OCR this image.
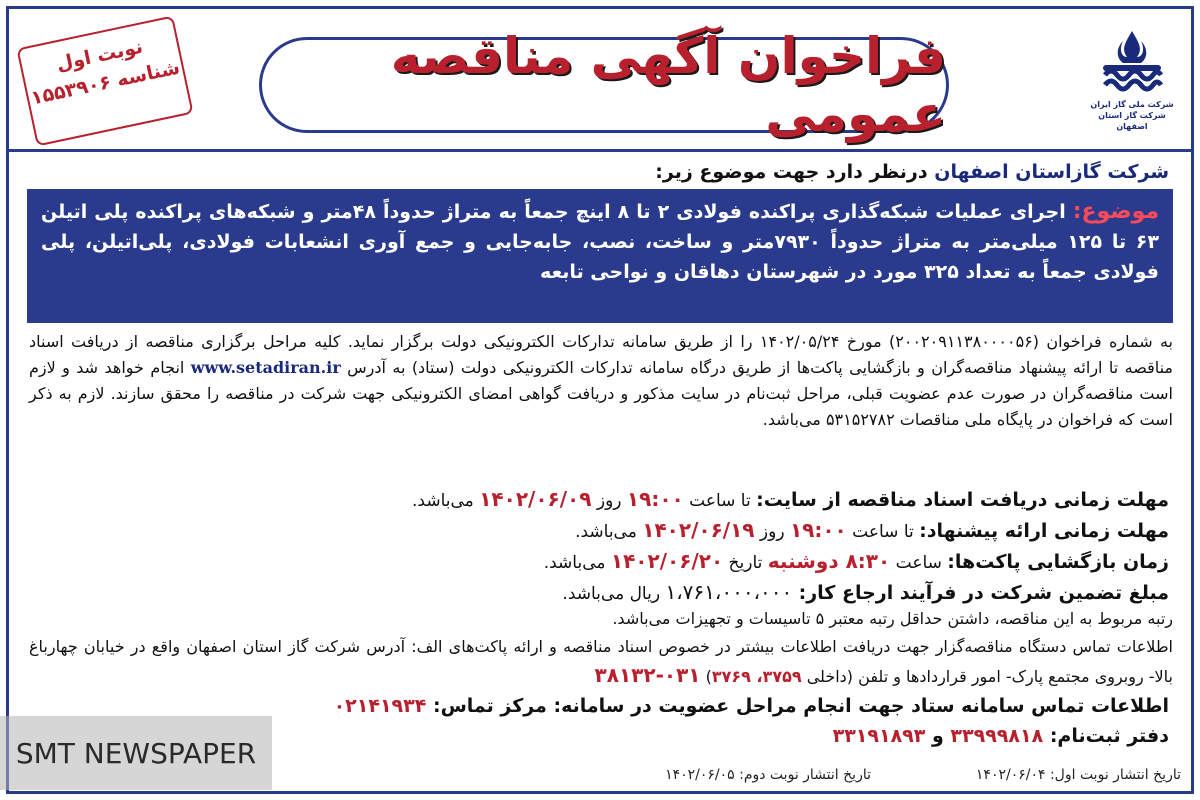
شرکت ملی گاز ایران
شرکت گاز استان اصفهان
فراخوان آگهی مناقصه عمومی
نوبت اول
شناسه ۱۵۵۳۹۰۶
شرکت گازاستان اصفهان درنظر دارد جهت موضوع زیر:
موضوع: اجرای عملیات شبکه‌گذاری پراکنده فولادی ۲ تا ۸ اینچ جمعاً به متراژ حدوداً ۴۸متر و شبکه‌های پراکنده پلی اتیلن ۶۳ تا ۱۲۵ میلی‌متر به متراژ حدوداً ۷۹۳۰متر و ساخت، نصب، جابه‌جایی و جمع آوری انشعابات فولادی، پلی‌اتیلن، پلی فولادی جمعاً به تعداد ۳۲۵ مورد در شهرستان دهاقان و نواحی تابعه
به شماره فراخوان (۲۰۰۲۰۹۱۱۳۸۰۰۰۰۵۶) مورخ ۱۴۰۲/۰۵/۲۴ را از طریق سامانه تدارکات الکترونیکی دولت برگزار نماید. کلیه مراحل برگزاری مناقصه از دریافت اسناد مناقصه تا ارائه پیشنهاد مناقصه‌گران و بازگشایی پاکت‌ها از طریق درگاه سامانه تدارکات الکترونیکی دولت (ستاد) به آدرس www.setadiran.ir انجام خواهد شد و لازم است مناقصه‌گران در صورت عدم عضویت قبلی، مراحل ثبت‌نام در سایت مذکور و دریافت گواهی امضای الکترونیکی جهت شرکت در مناقصه را محقق سازند. لازم به ذکر است که فراخوان در پایگاه ملی مناقصات ۵۳۱۵۲۷۸۲ می‌باشد.
مهلت زمانی دریافت اسناد مناقصه از سایت: تا ساعت ۱۹:۰۰ روز ۱۴۰۲/۰۶/۰۹ می‌باشد.
مهلت زمانی ارائه پیشنهاد: تا ساعت ۱۹:۰۰ روز ۱۴۰۲/۰۶/۱۹ می‌باشد.
زمان بازگشایی پاکت‌ها: ساعت ۸:۳۰ دوشنبه تاریخ ۱۴۰۲/۰۶/۲۰ می‌باشد.
مبلغ تضمین شرکت در فرآیند ارجاع کار: ۱،۷۶۱،۰۰۰،۰۰۰ ریال می‌باشد.
رتبه مربوط به این مناقصه، داشتن حداقل رتبه معتبر ۵ تاسیسات و تجهیزات می‌باشد.
اطلاعات تماس دستگاه مناقصه‌گزار جهت دریافت اطلاعات بیشتر در خصوص اسناد مناقصه و ارائه پاکت‌های الف: آدرس شرکت گاز استان اصفهان واقع در خیابان چهارباغ بالا- روبروی مجتمع پارک- امور قراردادها و تلفن (داخلی ۳۷۵۹، ۳۷۶۹) ۰۳۱-۳۸۱۳۲
اطلاعات تماس سامانه ستاد جهت انجام مراحل عضویت در سامانه: مرکز تماس: ۰۲۱۴۱۹۳۴
دفتر ثبت‌نام: ۳۳۹۹۹۸۱۸ و ۳۳۱۹۱۸۹۳
تاریخ انتشار نوبت اول: ۱۴۰۲/۰۶/۰۴
تاریخ انتشار نوبت دوم: ۱۴۰۲/۰۶/۰۵
SMT NEWSPAPER
